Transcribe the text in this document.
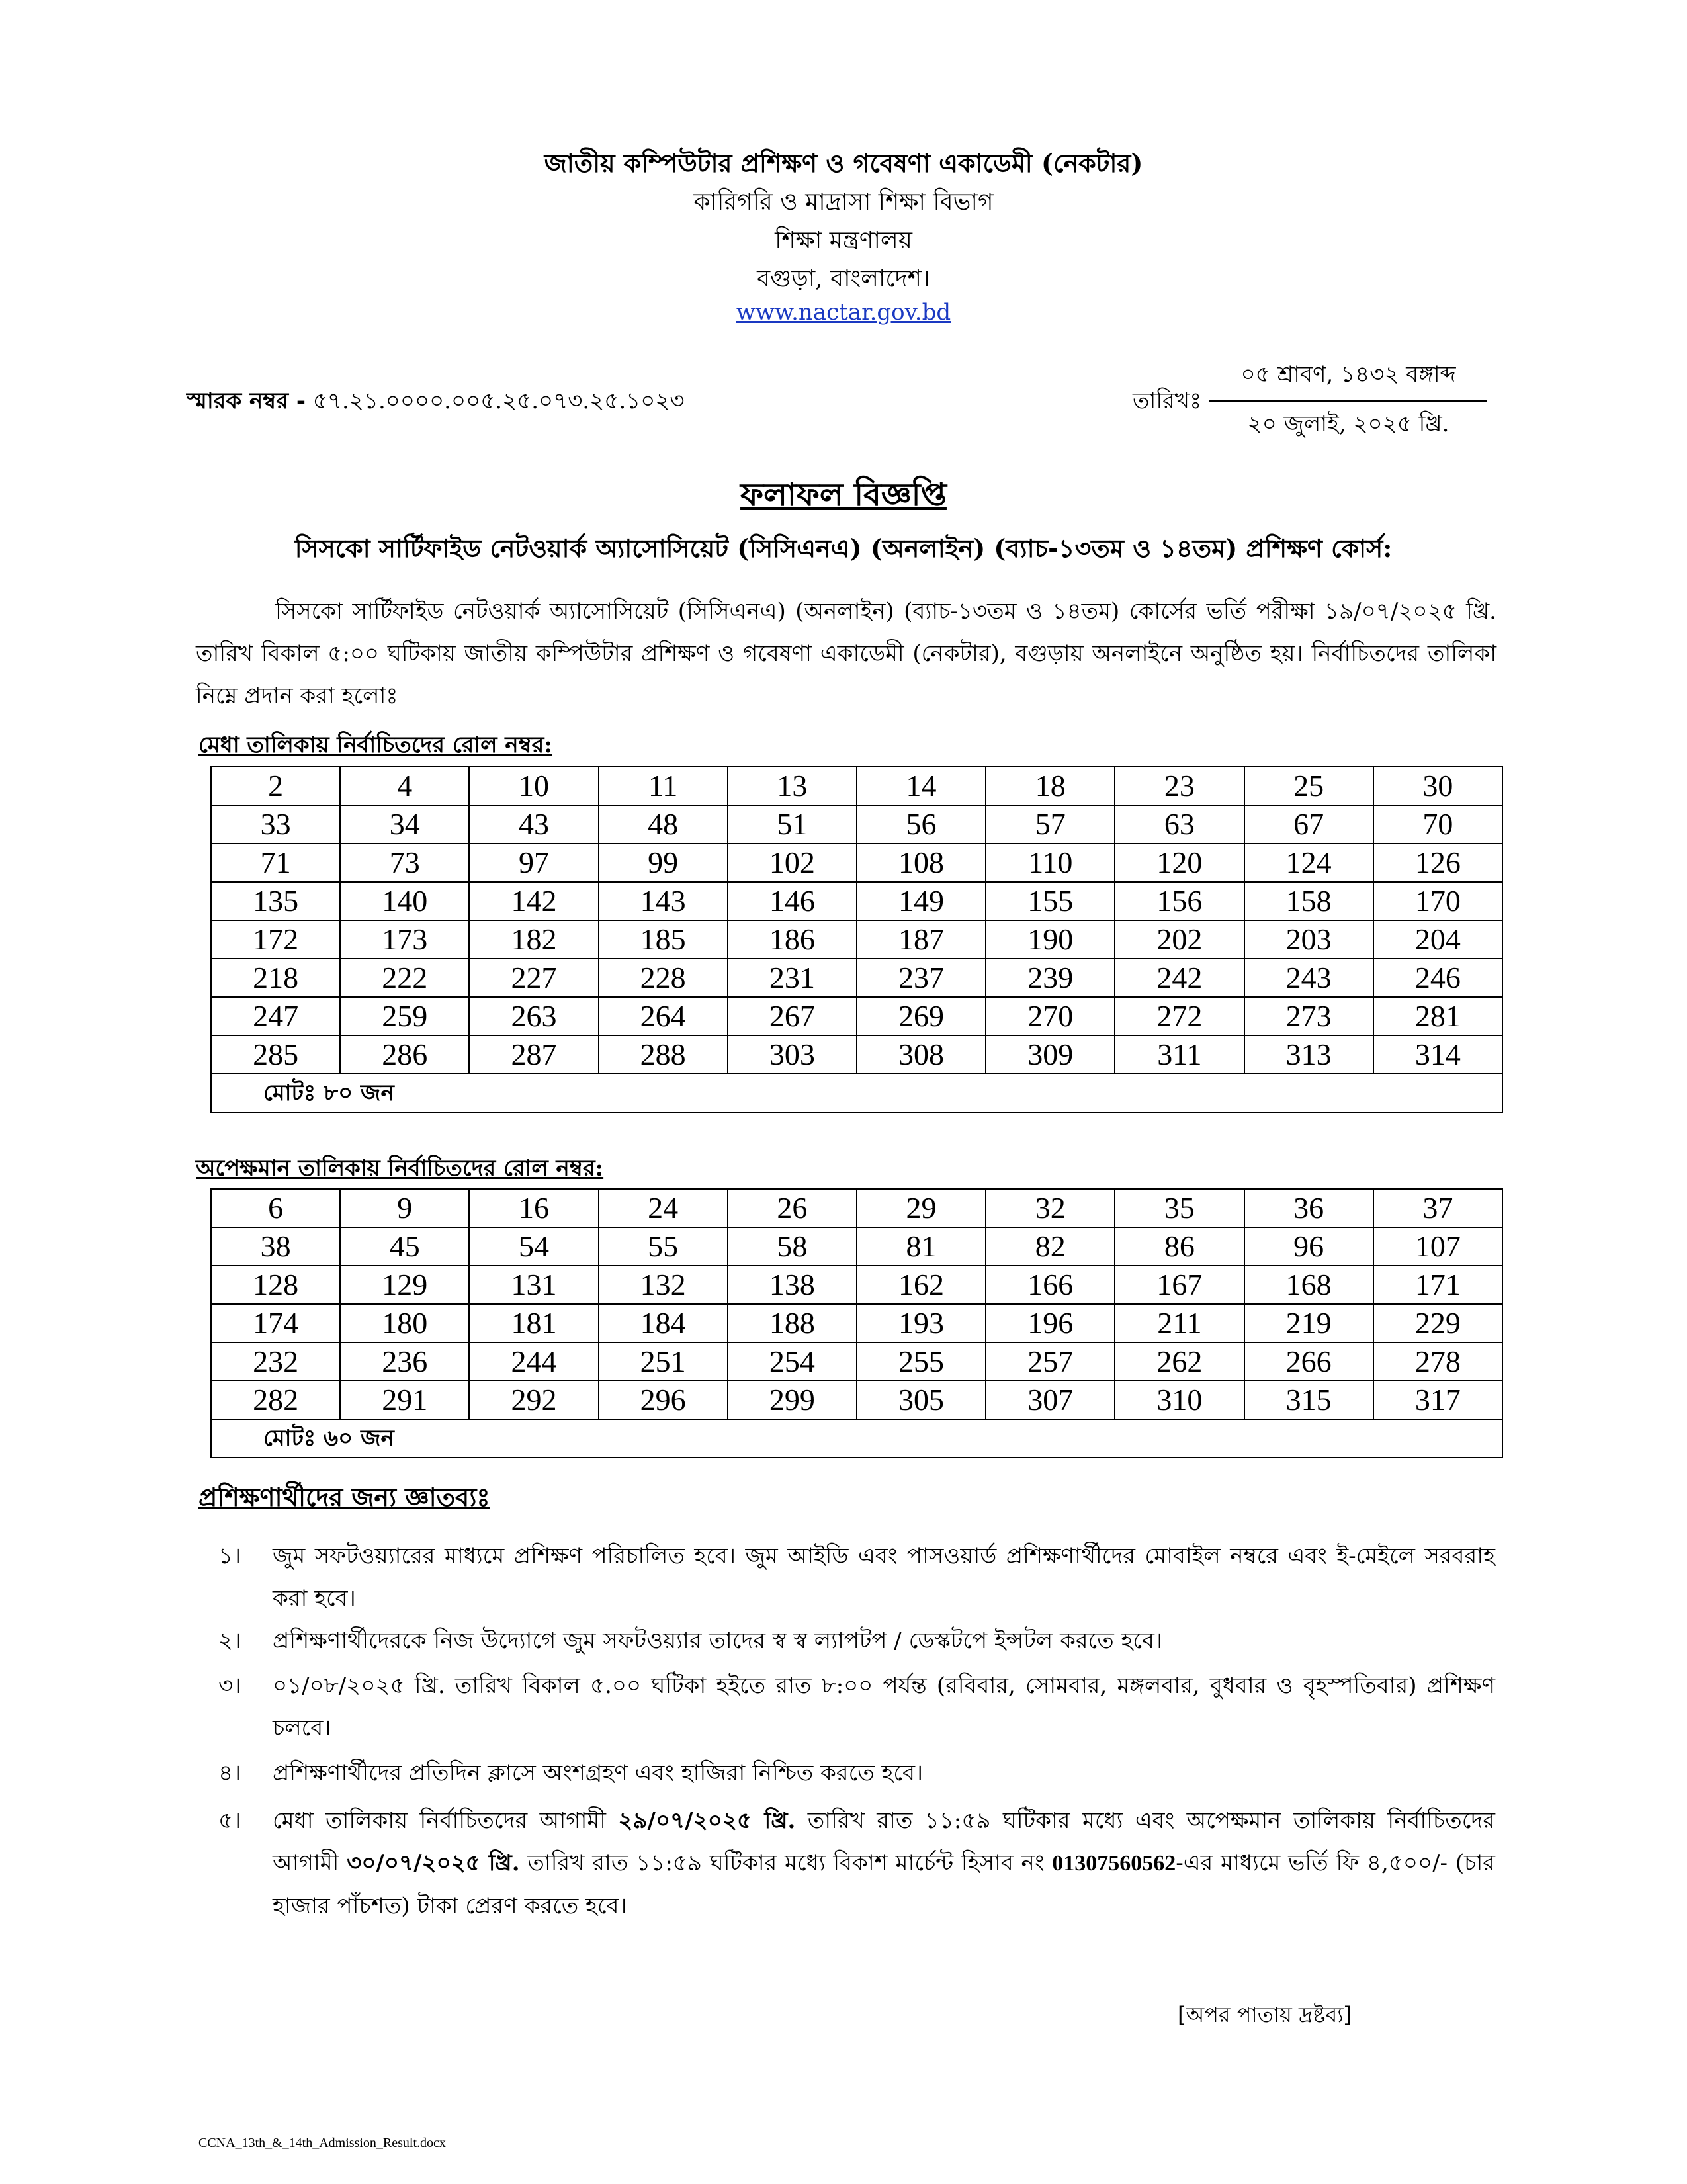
জাতীয় কম্পিউটার প্রশিক্ষণ ও গবেষণা একাডেমী (নেকটার)
কারিগরি ও মাদ্রাসা শিক্ষা বিভাগ
শিক্ষা মন্ত্রণালয়
বগুড়া, বাংলাদেশ।
www.nactar.gov.bd
স্মারক নম্বর - ৫৭.২১.০০০০.০০৫.২৫.০৭৩.২৫.১০২৩	তারিখঃ
০৫ শ্রাবণ, ১৪৩২ বঙ্গাব্দ
২০ জুলাই, ২০২৫ খ্রি.
ফলাফল বিজ্ঞপ্তি
সিসকো সার্টিফাইড নেটওয়ার্ক অ্যাসোসিয়েট (সিসিএনএ) (অনলাইন) (ব্যাচ-১৩তম ও ১৪তম) প্রশিক্ষণ কোর্স:
সিসকো সার্টিফাইড নেটওয়ার্ক অ্যাসোসিয়েট (সিসিএনএ) (অনলাইন) (ব্যাচ-১৩তম ও ১৪তম) কোর্সের ভর্তি পরীক্ষা ১৯/০৭/২০২৫ খ্রি. তারিখ বিকাল ৫:০০ ঘটিকায় জাতীয় কম্পিউটার প্রশিক্ষণ ও গবেষণা একাডেমী (নেকটার), বগুড়ায় অনলাইনে অনুষ্ঠিত হয়। নির্বাচিতদের তালিকা নিম্নে প্রদান করা হলোঃ
মেধা তালিকায় নির্বাচিতদের রোল নম্বর:
2	4	10	11	13	14	18	23	25	30
33	34	43	48	51	56	57	63	67	70
71	73	97	99	102	108	110	120	124	126
135	140	142	143	146	149	155	156	158	170
172	173	182	185	186	187	190	202	203	204
218	222	227	228	231	237	239	242	243	246
247	259	263	264	267	269	270	272	273	281
285	286	287	288	303	308	309	311	313	314
মোটঃ ৮০ জন									
অপেক্ষমান তালিকায় নির্বাচিতদের রোল নম্বর:
6	9	16	24	26	29	32	35	36	37
38	45	54	55	58	81	82	86	96	107
128	129	131	132	138	162	166	167	168	171
174	180	181	184	188	193	196	211	219	229
232	236	244	251	254	255	257	262	266	278
282	291	292	296	299	305	307	310	315	317
মোটঃ ৬০ জন									
প্রশিক্ষণার্থীদের জন্য জ্ঞাতব্যঃ
১।	জুম সফটওয়্যারের মাধ্যমে প্রশিক্ষণ পরিচালিত হবে। জুম আইডি এবং পাসওয়ার্ড প্রশিক্ষণার্থীদের মোবাইল নম্বরে এবং ই-মেইলে সরবরাহ করা হবে।
২।	প্রশিক্ষণার্থীদেরকে নিজ উদ্যোগে জুম সফটওয়্যার তাদের স্ব স্ব ল্যাপটপ / ডেস্কটপে ইন্সটল করতে হবে।
৩।	০১/০৮/২০২৫ খ্রি. তারিখ বিকাল ৫.০০ ঘটিকা হইতে রাত ৮:০০ পর্যন্ত (রবিবার, সোমবার, মঙ্গলবার, বুধবার ও বৃহস্পতিবার) প্রশিক্ষণ চলবে।
৪।	প্রশিক্ষণার্থীদের প্রতিদিন ক্লাসে অংশগ্রহণ এবং হাজিরা নিশ্চিত করতে হবে।
৫।	মেধা তালিকায় নির্বাচিতদের আগামী ২৯/০৭/২০২৫ খ্রি. তারিখ রাত ১১:৫৯ ঘটিকার মধ্যে এবং অপেক্ষমান তালিকায় নির্বাচিতদের আগামী ৩০/০৭/২০২৫ খ্রি. তারিখ রাত ১১:৫৯ ঘটিকার মধ্যে বিকাশ মার্চেন্ট হিসাব নং 01307560562-এর মাধ্যমে ভর্তি ফি ৪,৫০০/- (চার হাজার পাঁচশত) টাকা প্রেরণ করতে হবে।
[অপর পাতায় দ্রষ্টব্য]
CCNA_13th_&_14th_Admission_Result.docx
